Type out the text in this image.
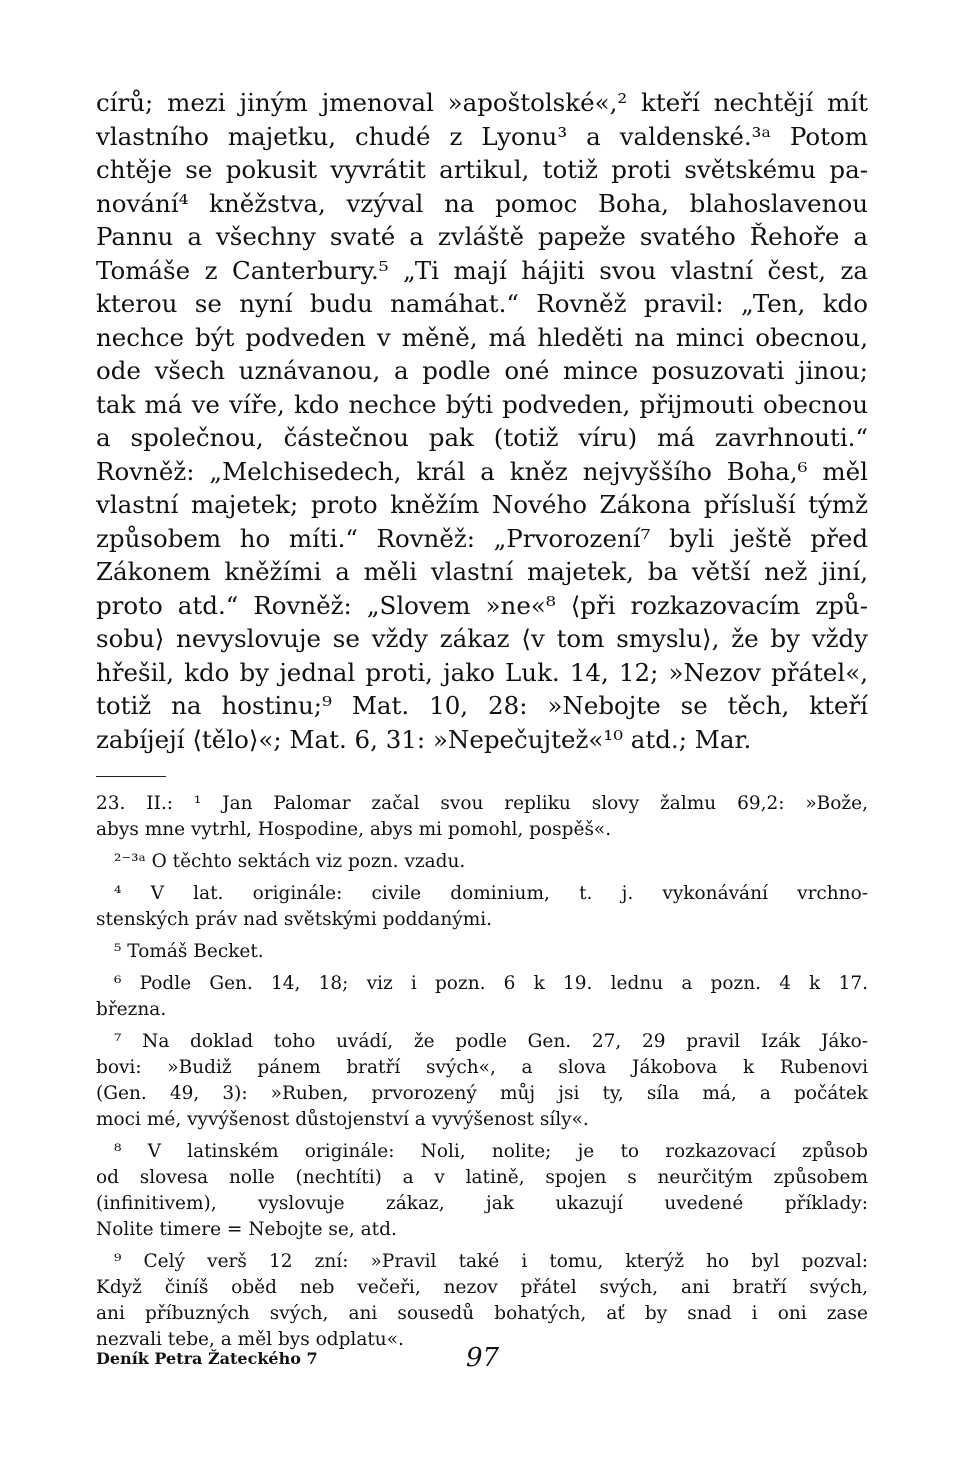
círů; mezi jiným jmenoval »apoštolské«,² kteří nechtějí mít
vlastního majetku, chudé z Lyonu³ a valdenské.³ᵃ Potom
chtěje se pokusit vyvrátit artikul, totiž proti světskému pa-
nování⁴ kněžstva, vzýval na pomoc Boha, blahoslavenou
Pannu a všechny svaté a zvláště papeže svatého Řehoře a
Tomáše z Canterbury.⁵ „Ti mají hájiti svou vlastní čest, za
kterou se nyní budu namáhat.“ Rovněž pravil: „Ten, kdo
nechce být podveden v měně, má hleděti na minci obecnou,
ode všech uznávanou, a podle oné mince posuzovati jinou;
tak má ve víře, kdo nechce býti podveden, přijmouti obecnou
a společnou, částečnou pak (totiž víru) má zavrhnouti.“
Rovněž: „Melchisedech, král a kněz nejvyššího Boha,⁶ měl
vlastní majetek; proto kněžím Nového Zákona přísluší týmž
způsobem ho míti.“ Rovněž: „Prvorození⁷ byli ještě před
Zákonem kněžími a měli vlastní majetek, ba větší než jiní,
proto atd.“ Rovněž: „Slovem »ne«⁸ ⟨při rozkazovacím způ-
sobu⟩ nevyslovuje se vždy zákaz ⟨v tom smyslu⟩, že by vždy
hřešil, kdo by jednal proti, jako Luk. 14, 12; »Nezov přátel«,
totiž na hostinu;⁹ Mat. 10, 28: »Nebojte se těch, kteří
zabíjejí ⟨tělo⟩«; Mat. 6, 31: »Nepečujtež«¹⁰ atd.; Mar.
23. II.: ¹ Jan Palomar začal svou repliku slovy žalmu 69,2: »Bože,
abys mne vytrhl, Hospodine, abys mi pomohl, pospěš«.
²⁻³ᵃ O těchto sektách viz pozn. vzadu.
⁴ V lat. originále: civile dominium, t. j. vykonávání vrchno-
stenských práv nad světskými poddanými.
⁵ Tomáš Becket.
⁶ Podle Gen. 14, 18; viz i pozn. 6 k 19. lednu a pozn. 4 k 17.
března.
⁷ Na doklad toho uvádí, že podle Gen. 27, 29 pravil Izák Jáko-
bovi: »Budiž pánem bratří svých«, a slova Jákobova k Rubenovi
(Gen. 49, 3): »Ruben, prvorozený můj jsi ty, síla má, a počátek
moci mé, vyvýšenost důstojenství a vyvýšenost síly«.
⁸ V latinském originále: Noli, nolite; je to rozkazovací způsob
od slovesa nolle (nechtíti) a v latině, spojen s neurčitým způsobem
(infinitivem), vyslovuje zákaz, jak ukazují uvedené příklady:
Nolite timere = Nebojte se, atd.
⁹ Celý verš 12 zní: »Pravil také i tomu, kterýž ho byl pozval:
Když činíš oběd neb večeři, nezov přátel svých, ani bratří svých,
ani příbuzných svých, ani sousedů bohatých, ať by snad i oni zase
nezvali tebe, a měl bys odplatu«.
Deník Petra Žateckého 7	97
